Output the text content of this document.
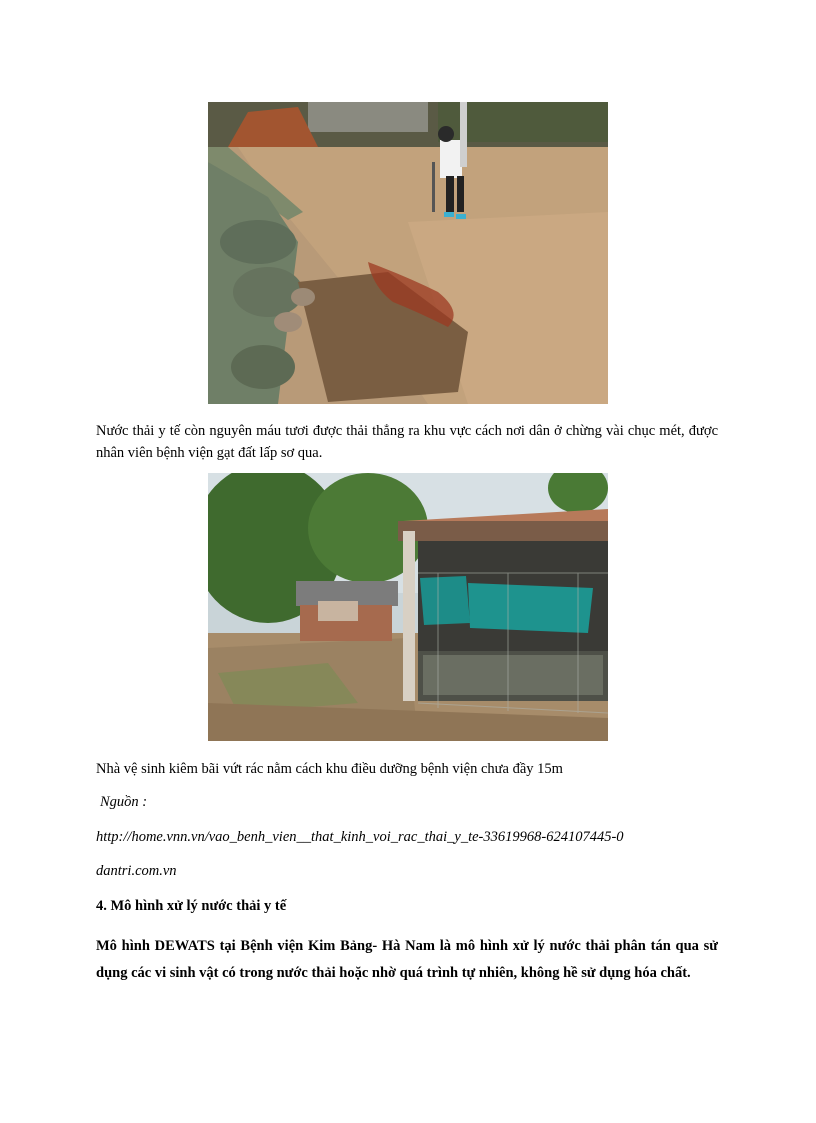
Nước thải y tế còn nguyên máu tươi được thải thẳng ra khu vực cách nơi dân ở chừng vài chục mét, được nhân viên bệnh viện gạt đất lấp sơ qua.
Nhà vệ sinh kiêm bãi vứt rác nằm cách khu điều dưỡng bệnh viện chưa đầy 15m
Nguồn :
http://home.vnn.vn/vao_benh_vien__that_kinh_voi_rac_thai_y_te-33619968-624107445-0
dantri.com.vn
4. Mô hình xử lý nước thải y tế
Mô hình DEWATS tại Bệnh viện Kim Bảng- Hà Nam là mô hình xử lý nước thải phân tán qua sử dụng các vi sinh vật có trong nước thải hoặc nhờ quá trình tự nhiên, không hề sử dụng hóa chất.
